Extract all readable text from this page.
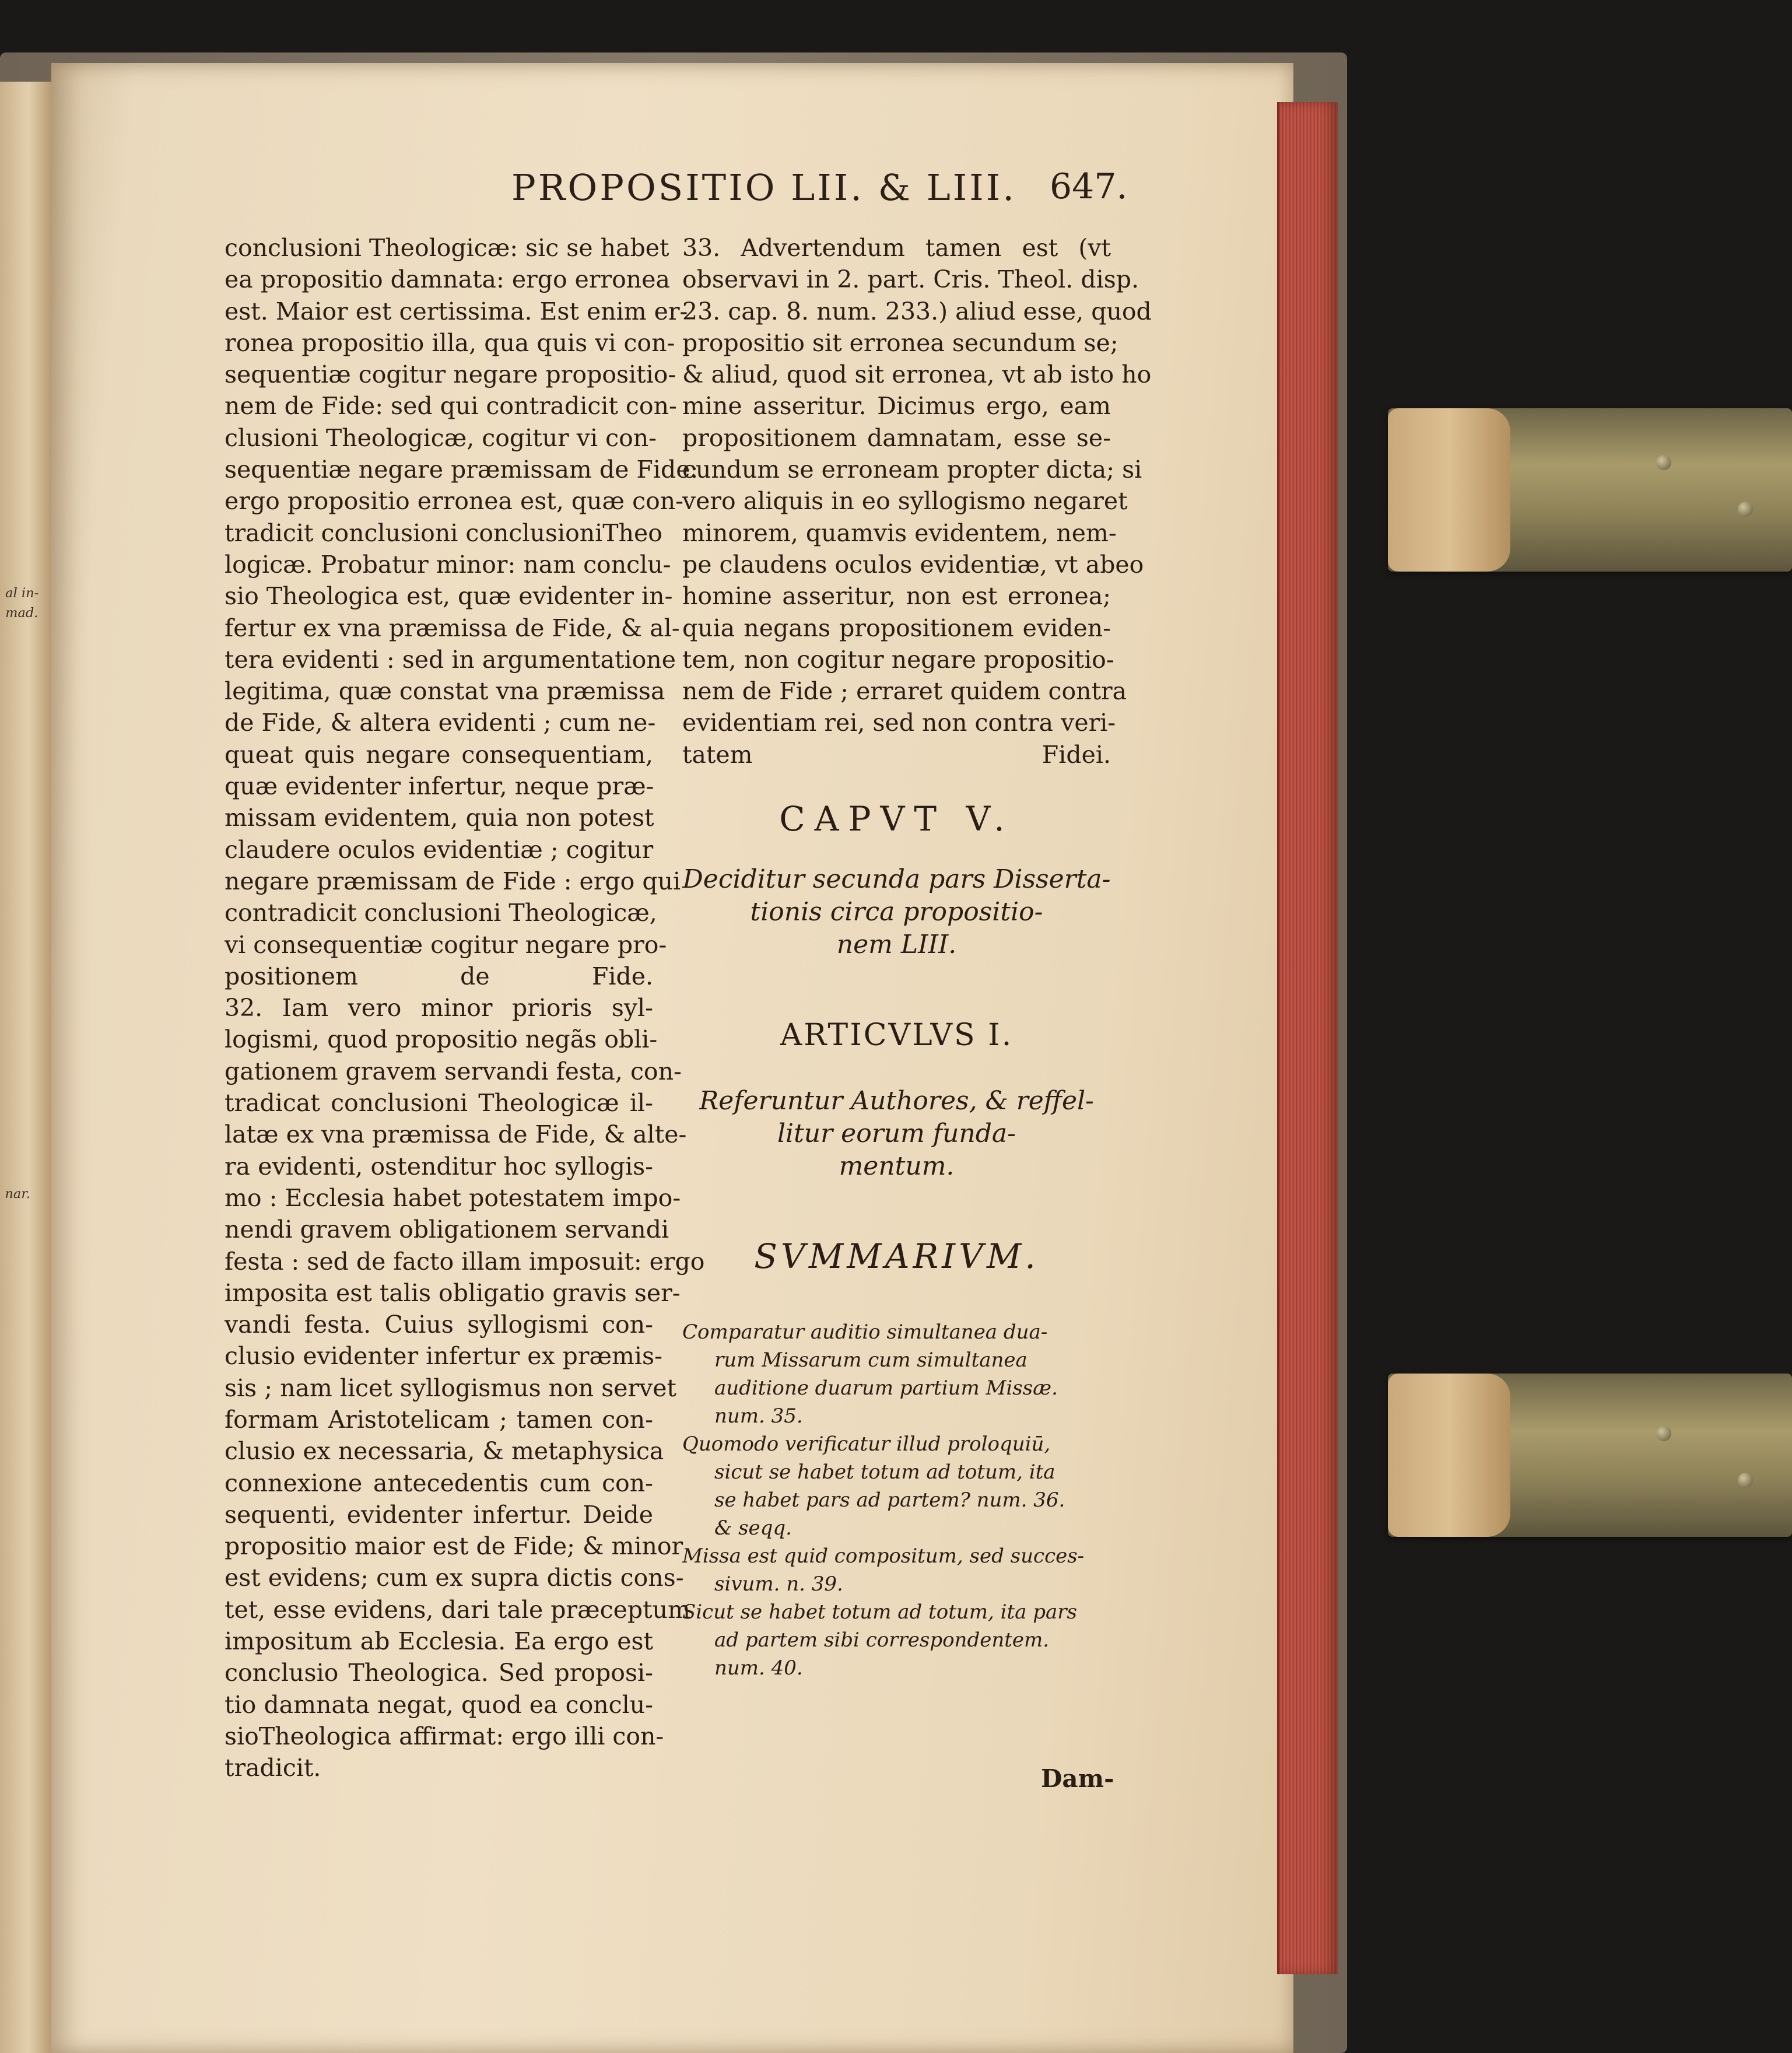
al in-
mad.
nar.
PROPOSITIO LII. & LIII. 647.
conclusioni Theologicæ: sic se habet
ea propositio damnata: ergo erronea
est. Maior est certissima. Est enim er-
ronea propositio illa, qua quis vi con-
sequentiæ cogitur negare propositio-
nem de Fide: sed qui contradicit con-
clusioni Theologicæ, cogitur vi con-
sequentiæ negare præmissam de Fide:
ergo propositio erronea est, quæ con-
tradicit conclusioni conclusioniTheo
logicæ. Probatur minor: nam conclu-
sio Theologica est, quæ evidenter in-
fertur ex vna præmissa de Fide, & al-
tera evidenti : sed in argumentatione
legitima, quæ constat vna præmissa
de Fide, & altera evidenti ; cum ne-
queat quis negare consequentiam,
quæ evidenter infertur, neque præ-
missam evidentem, quia non potest
claudere oculos evidentiæ ; cogitur
negare præmissam de Fide : ergo qui
contradicit conclusioni Theologicæ,
vi consequentiæ cogitur negare pro-
positionem de Fide.
32. Iam vero minor prioris syl-
logismi, quod propositio negãs obli-
gationem gravem servandi festa, con-
tradicat conclusioni Theologicæ il-
latæ ex vna præmissa de Fide, & alte-
ra evidenti, ostenditur hoc syllogis-
mo : Ecclesia habet potestatem impo-
nendi gravem obligationem servandi
festa : sed de facto illam imposuit: ergo
imposita est talis obligatio gravis ser-
vandi festa. Cuius syllogismi con-
clusio evidenter infertur ex præmis-
sis ; nam licet syllogismus non servet
formam Aristotelicam ; tamen con-
clusio ex necessaria, & metaphysica
connexione antecedentis cum con-
sequenti, evidenter infertur. Deide
propositio maior est de Fide; & minor
est evidens; cum ex supra dictis cons-
tet, esse evidens, dari tale præceptum
impositum ab Ecclesia. Ea ergo est
conclusio Theologica. Sed proposi-
tio damnata negat, quod ea conclu-
sioTheologica affirmat: ergo illi con-
tradicit.
33. Advertendum tamen est (vt
observavi in 2. part. Cris. Theol. disp.
23. cap. 8. num. 233.) aliud esse, quod
propositio sit erronea secundum se;
& aliud, quod sit erronea, vt ab isto ho
mine asseritur. Dicimus ergo, eam
propositionem damnatam, esse se-
cundum se erroneam propter dicta; si
vero aliquis in eo syllogismo negaret
minorem, quamvis evidentem, nem-
pe claudens oculos evidentiæ, vt abeo
homine asseritur, non est erronea;
quia negans propositionem eviden-
tem, non cogitur negare propositio-
nem de Fide ; erraret quidem contra
evidentiam rei, sed non contra veri-
tatem Fidei.
CAPVT V.
Deciditur secunda pars Disserta-
tionis circa propositio-
nem LIII.
ARTICVLVS I.
Referuntur Authores, & reffel-
litur eorum funda-
mentum.
SVMMARIVM.
Comparatur auditio simultanea dua-
rum Missarum cum simultanea
auditione duarum partium Missæ.
num. 35.
Quomodo verificatur illud proloquiū,
sicut se habet totum ad totum, ita
se habet pars ad partem? num. 36.
& seqq.
Missa est quid compositum, sed succes-
sivum. n. 39.
Sicut se habet totum ad totum, ita pars
ad partem sibi correspondentem.
num. 40.
Dam-
